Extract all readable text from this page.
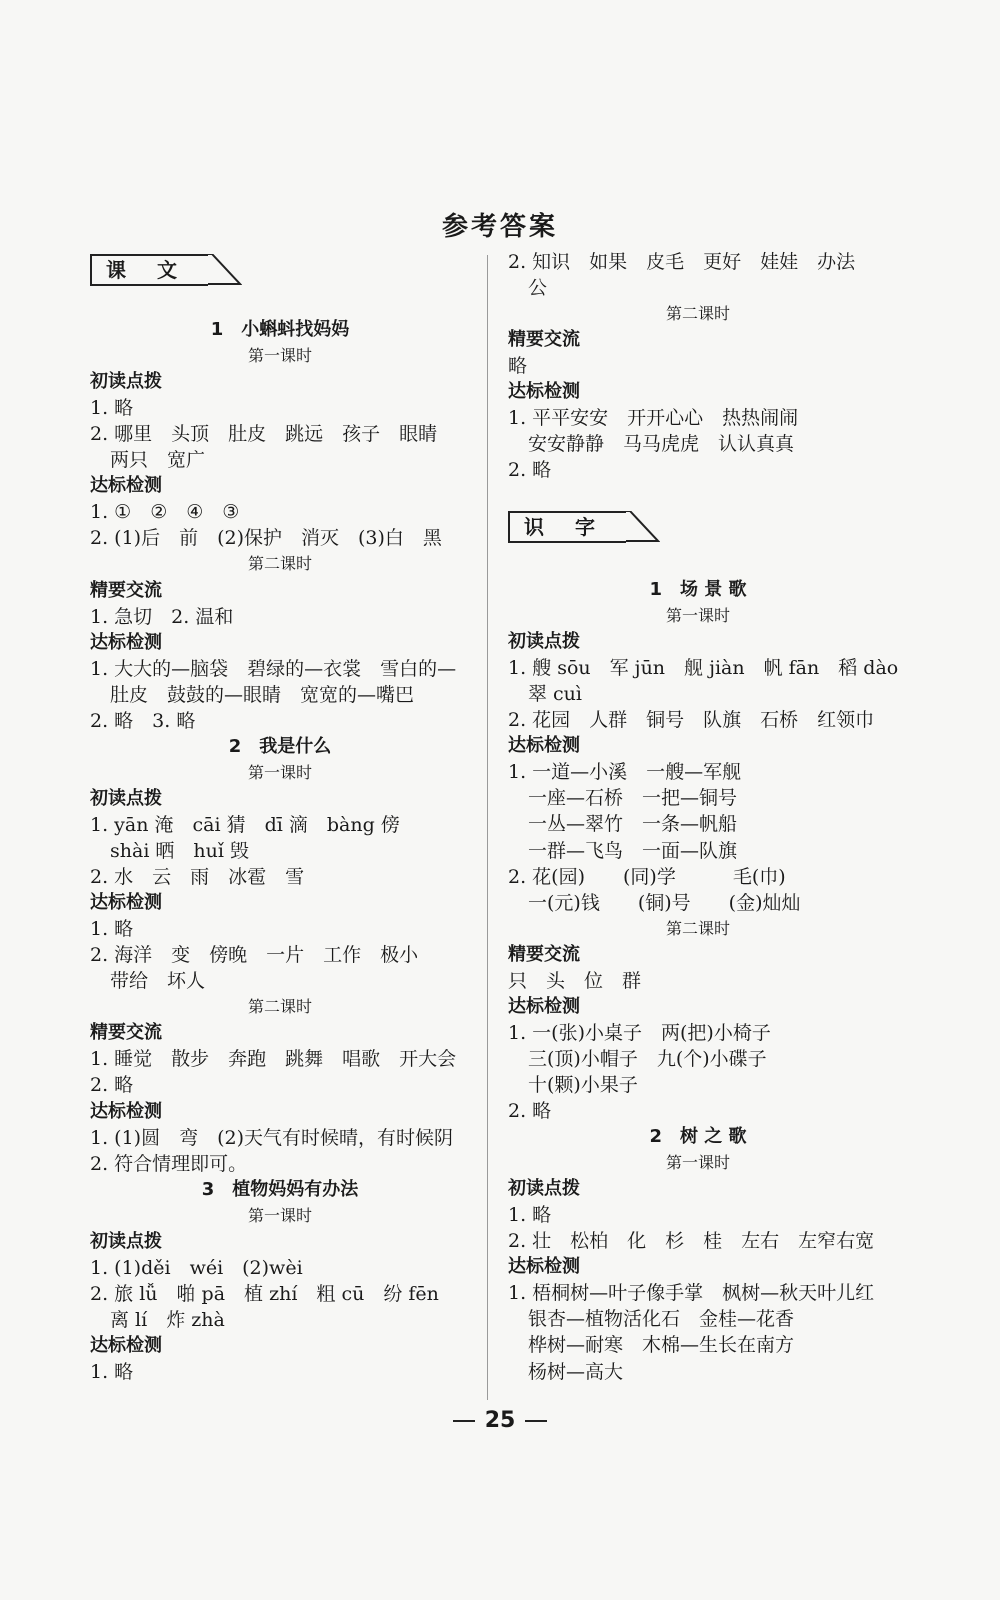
参考答案
课 文
1　小蝌蚪找妈妈
第一课时
初读点拨
1. 略
2. 哪里　头顶　肚皮　跳远　孩子　眼睛
两只　宽广
达标检测
1. ①　②　④　③
2. (1)后　前　(2)保护　消灭　(3)白　黑
第二课时
精要交流
1. 急切　2. 温和
达标检测
1. 大大的—脑袋　碧绿的—衣裳　雪白的—
肚皮　鼓鼓的—眼睛　宽宽的—嘴巴
2. 略　3. 略
2　我是什么
第一课时
初读点拨
1. yān 淹　cāi 猜　dī 滴　bàng 傍
shài 晒　huǐ 毁
2. 水　云　雨　冰雹　雪
达标检测
1. 略
2. 海洋　变　傍晚　一片　工作　极小
带给　坏人
第二课时
精要交流
1. 睡觉　散步　奔跑　跳舞　唱歌　开大会
2. 略
达标检测
1. (1)圆　弯　(2)天气有时候晴，有时候阴
2. 符合情理即可。
3　植物妈妈有办法
第一课时
初读点拨
1. (1)děi　wéi　(2)wèi
2. 旅 lǚ　啪 pā　植 zhí　粗 cū　纷 fēn
离 lí　炸 zhà
达标检测
1. 略
2. 知识　如果　皮毛　更好　娃娃　办法
公
第二课时
精要交流
略
达标检测
1. 平平安安　开开心心　热热闹闹
安安静静　马马虎虎　认认真真
2. 略
识 字
1　场 景 歌
第一课时
初读点拨
1. 艘 sōu　军 jūn　舰 jiàn　帆 fān　稻 dào
翠 cuì
2. 花园　人群　铜号　队旗　石桥　红领巾
达标检测
1. 一道—小溪　一艘—军舰
一座—石桥　一把—铜号
一丛—翠竹　一条—帆船
一群—飞鸟　一面—队旗
2. 花(园)　　(同)学　　　毛(巾)
一(元)钱　　(铜)号　　(金)灿灿
第二课时
精要交流
只　头　位　群
达标检测
1. 一(张)小桌子　两(把)小椅子
三(顶)小帽子　九(个)小碟子
十(颗)小果子
2. 略
2　树 之 歌
第一课时
初读点拨
1. 略
2. 壮　松柏　化　杉　桂　左右　左窄右宽
达标检测
1. 梧桐树—叶子像手掌　枫树—秋天叶儿红
银杏—植物活化石　金桂—花香
桦树—耐寒　木棉—生长在南方
杨树—高大
25
